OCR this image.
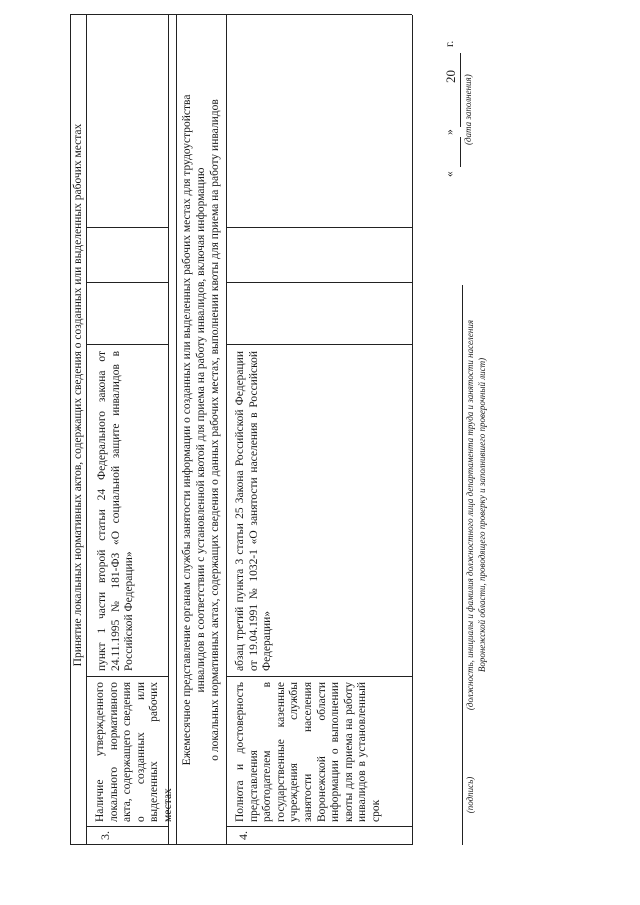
Принятие локальных нормативных актов, содержащих сведения о созданных или выделенных рабочих местах
3.
Наличие утвержденного локального нормативного акта, содержащего сведения о созданных или выделенных рабочих местах
пункт 1 части второй статьи 24 Федерального закона от 24.11.1995 № 181-ФЗ «О социальной защите инвалидов в Российской Федерации»	Ежемесячное представление органам службы занятости информации о созданных или выделенных рабочих местах для трудоустройства инвалидов в соответствии с установленной квотой для приема на работу инвалидов, включая информацию о локальных нормативных актах, содержащих сведения о данных рабочих местах, выполнении квоты для приема на работу инвалидов
4.
Полнота и достоверность представления работодателем в государственные казенные учреждения службы занятости населения Воронежской области информации о выполнении квоты для приема на работу инвалидов в установленный срок
абзац третий пункта 3 статьи 25 Закона Российской Федерации от 19.04.1991 № 1032-1 «О занятости населения в Российской Федерации»
(подпись)
(должность, инициалы и фамилия должностного лица департамента труда и занятости населения Воронежской области, проводящего проверку и заполнившего проверочный лист)
«
»
20
г.
(дата заполнения)
